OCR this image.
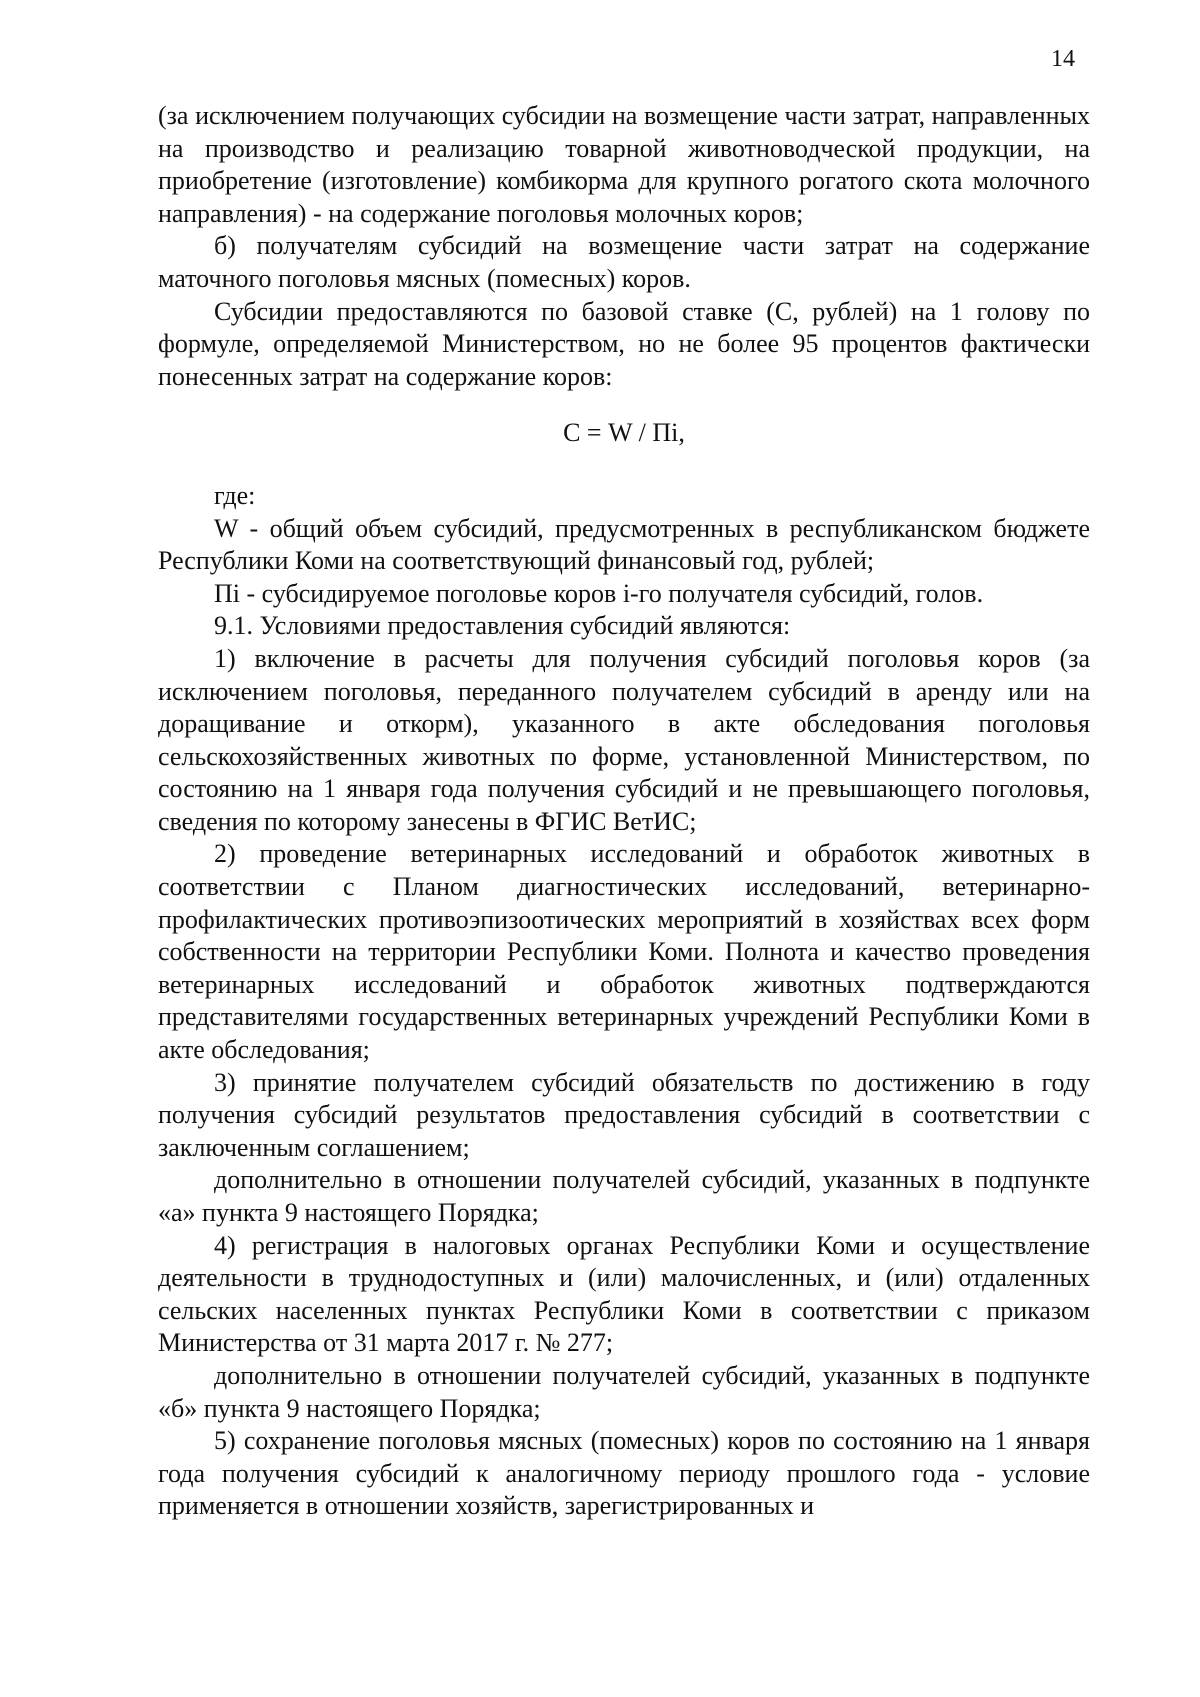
14

(за исключением получающих субсидии на возмещение части затрат, направленных на производство и реализацию товарной животноводческой продукции, на приобретение (изготовление) комбикорма для крупного рогатого скота молочного направления) - на содержание поголовья молочных коров;

б) получателям субсидий на возмещение части затрат на содержание маточного поголовья мясных (помесных) коров.

Субсидии предоставляются по базовой ставке (С, рублей) на 1 голову по формуле, определяемой Министерством, но не более 95 процентов фактически понесенных затрат на содержание коров:

С = W / Пi,

где:

W - общий объем субсидий, предусмотренных в республиканском бюджете Республики Коми на соответствующий финансовый год, рублей;

Пi - субсидируемое поголовье коров i-го получателя субсидий, голов.

9.1. Условиями предоставления субсидий являются:

1) включение в расчеты для получения субсидий поголовья коров (за исключением поголовья, переданного получателем субсидий в аренду или на доращивание и откорм), указанного в акте обследования поголовья сельскохозяйственных животных по форме, установленной Министерством, по состоянию на 1 января года получения субсидий и не превышающего поголовья, сведения по которому занесены в ФГИС ВетИС;

2) проведение ветеринарных исследований и обработок животных в соответствии с Планом диагностических исследований, ветеринарно-профилактических противоэпизоотических мероприятий в хозяйствах всех форм собственности на территории Республики Коми. Полнота и качество проведения ветеринарных исследований и обработок животных подтверждаются представителями государственных ветеринарных учреждений Республики Коми в акте обследования;

3) принятие получателем субсидий обязательств по достижению в году получения субсидий результатов предоставления субсидий в соответствии с заключенным соглашением;

дополнительно в отношении получателей субсидий, указанных в подпункте «а» пункта 9 настоящего Порядка;

4) регистрация в налоговых органах Республики Коми и осуществление деятельности в труднодоступных и (или) малочисленных, и (или) отдаленных сельских населенных пунктах Республики Коми в соответствии с приказом Министерства от 31 марта 2017 г. № 277;

дополнительно в отношении получателей субсидий, указанных в подпункте «б» пункта 9 настоящего Порядка;

5) сохранение поголовья мясных (помесных) коров по состоянию на 1 января года получения субсидий к аналогичному периоду прошлого года - условие применяется в отношении хозяйств, зарегистрированных и
